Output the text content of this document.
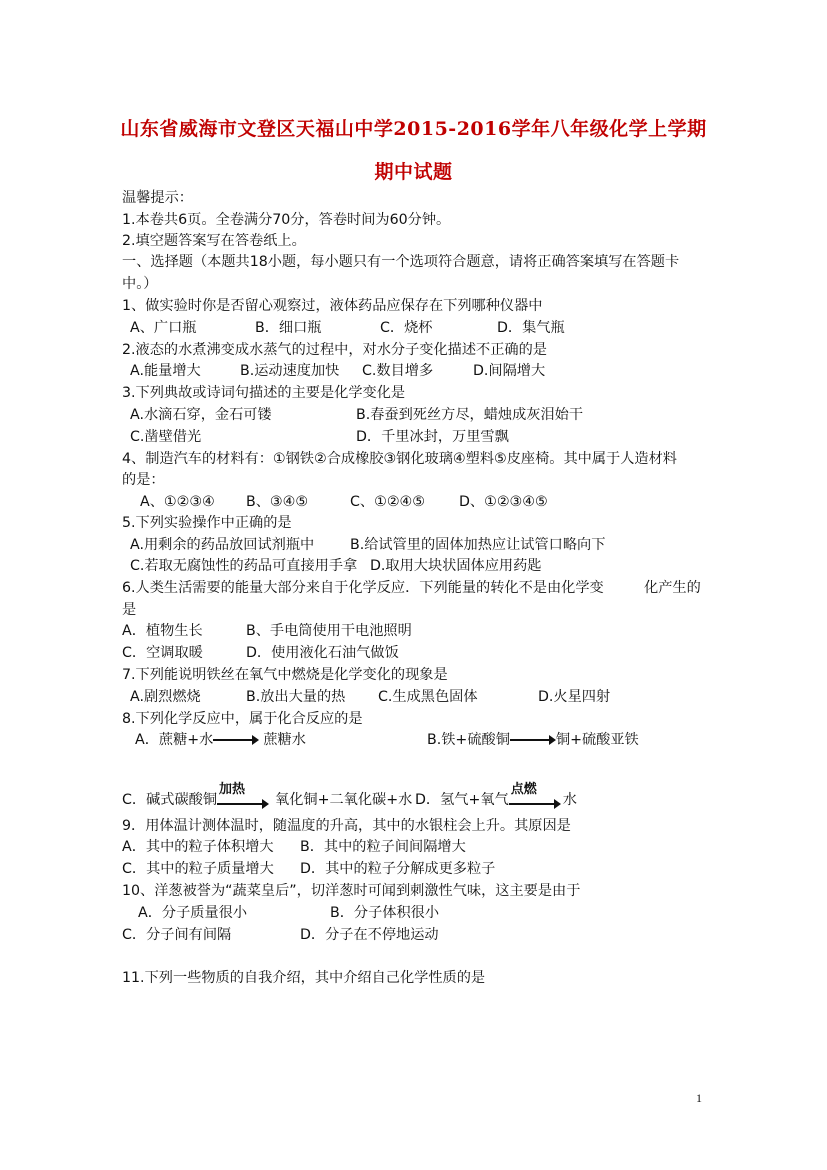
山东省威海市文登区天福山中学2015-2016学年八年级化学上学期
期中试题
温馨提示：
1.本卷共6页。全卷满分70分，答卷时间为60分钟。
2.填空题答案写在答卷纸上。
一、选择题（本题共18小题，每小题只有一个选项符合题意，请将正确答案填写在答题卡
中。）
1、做实验时你是否留心观察过，液体药品应保存在下列哪种仪器中
A、广口瓶	B．细口瓶	C．烧杯	D．集气瓶
2.液态的水煮沸变成水蒸气的过程中，对水分子变化描述不正确的是
A.能量增大	B.运动速度加快 C.数目增多	D.间隔增大
3.下列典故或诗词句描述的主要是化学变化是
A.水滴石穿，金石可镂	B.春蚕到死丝方尽，蜡烛成灰泪始干
C.凿壁借光	D．千里冰封，万里雪飘
4、制造汽车的材料有：①钢铁②合成橡胶③钢化玻璃④塑料⑤皮座椅。其中属于人造材料
的是：
A、①②③④ B、③④⑤	C、①②④⑤ D、①②③④⑤
5.下列实验操作中正确的是
A.用剩余的药品放回试剂瓶中	B.给试管里的固体加热应让试管口略向下
C.若取无腐蚀性的药品可直接用手拿 D.取用大块状固体应用药匙
6.人类生活需要的能量大部分来自于化学反应．下列能量的转化不是由化学变	化产生的
是
A．植物生长	B、手电筒使用干电池照明
C．空调取暖	D．使用液化石油气做饭
7.下列能说明铁丝在氧气中燃烧是化学变化的现象是
A.剧烈燃烧	B.放出大量的热 C.生成黑色固体	D.火星四射
8.下列化学反应中，属于化合反应的是
A．蔗糖+水	蔗糖水	B.铁+硫酸铜	铜+硫酸亚铁
C．碱式碳酸铜
加热
氧化铜+二氧化碳+水 D．氢气+氧气
点燃
水
9．用体温计测体温时，随温度的升高，其中的水银柱会上升。其原因是
A．其中的粒子体积增大 B．其中的粒子间间隔增大
C．其中的粒子质量增大 D．其中的粒子分解成更多粒子
10、洋葱被誉为“蔬菜皇后”，切洋葱时可闻到刺激性气味，这主要是由于
A．分子质量很小	B．分子体积很小
C．分子间有间隔	D．分子在不停地运动
11.下列一些物质的自我介绍，其中介绍自己化学性质的是
1
